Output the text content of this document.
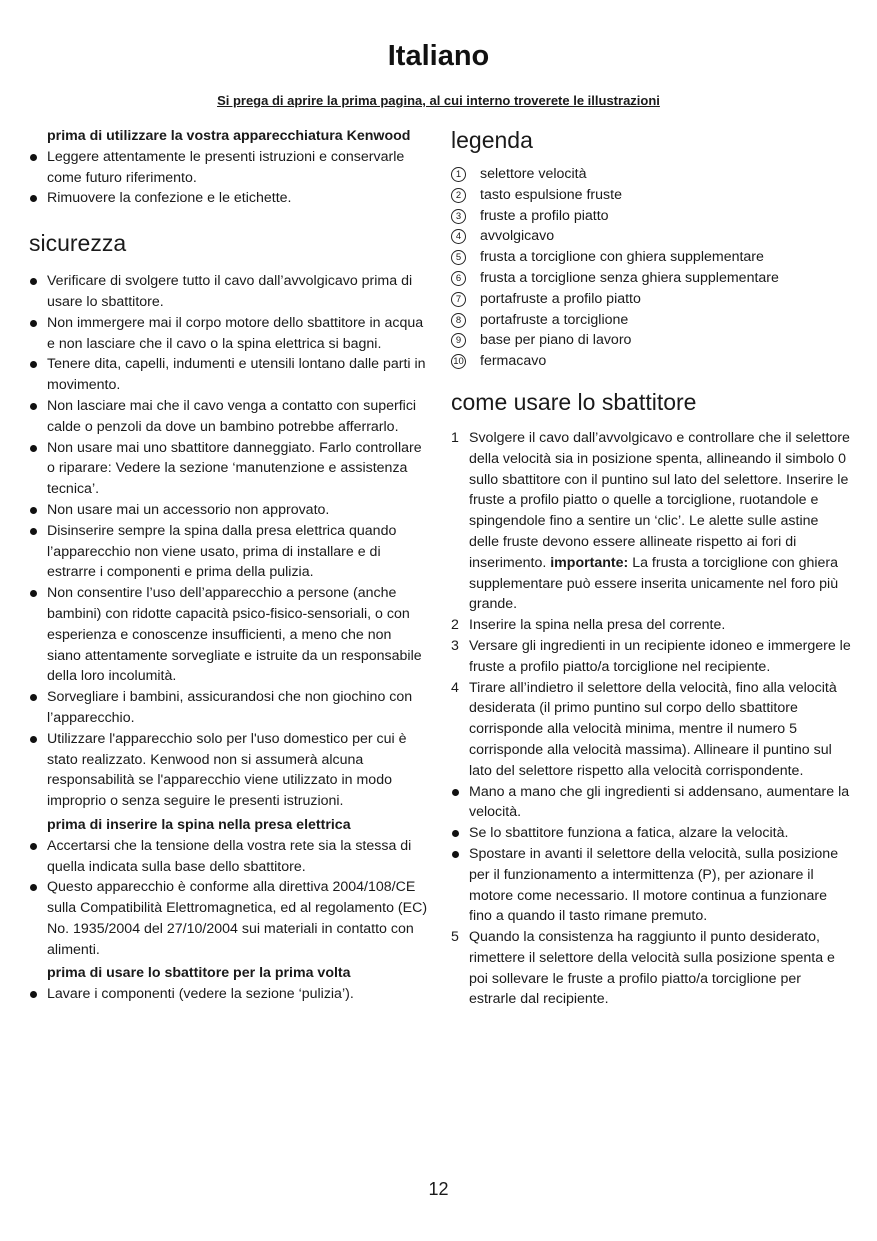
Italiano

Si prega di aprire la prima pagina, al cui interno troverete le illustrazioni

prima di utilizzare la vostra apparecchiatura Kenwood

Leggere attentamente le presenti istruzioni e conservarle come futuro riferimento.
Rimuovere la confezione e le etichette.
sicurezza
Verificare di svolgere tutto il cavo dall’avvolgicavo prima di usare lo sbattitore.
Non immergere mai il corpo motore dello sbattitore in acqua e non lasciare che il cavo o la spina elettrica si bagni.
Tenere dita, capelli, indumenti e utensili lontano dalle parti in movimento.
Non lasciare mai che il cavo venga a contatto con superfici calde o penzoli da dove un bambino potrebbe afferrarlo.
Non usare mai uno sbattitore danneggiato. Farlo controllare o riparare: Vedere la sezione ‘manutenzione e assistenza tecnica’.
Non usare mai un accessorio non approvato.
Disinserire sempre la spina dalla presa elettrica quando l’apparecchio non viene usato, prima di installare e di estrarre i componenti e prima della pulizia.
Non consentire l’uso dell’apparecchio a persone (anche bambini) con ridotte capacità psico-fisico-sensoriali, o con esperienza e conoscenze insufficienti, a meno che non siano attentamente sorvegliate e istruite da un responsabile della loro incolumità.
Sorvegliare i bambini, assicurandosi che non giochino con l’apparecchio.
Utilizzare l'apparecchio solo per l'uso domestico per cui è stato realizzato. Kenwood non si assumerà alcuna responsabilità se l'apparecchio viene utilizzato in modo improprio o senza seguire le presenti istruzioni.

prima di inserire la spina nella presa elettrica

Accertarsi che la tensione della vostra rete sia la stessa di quella indicata sulla base dello sbattitore.
Questo apparecchio è conforme alla direttiva 2004/108/CE sulla Compatibilità Elettromagnetica, ed al regolamento (EC) No. 1935/2004 del 27/10/2004 sui materiali in contatto con alimenti.

prima di usare lo sbattitore per la prima volta

Lavare i componenti (vedere la sezione ‘pulizia’).
legenda
1	selettore velocità
2	tasto espulsione fruste
3	fruste a profilo piatto
4	avvolgicavo
5	frusta a torciglione con ghiera supplementare
6	frusta a torciglione senza ghiera supplementare
7	portafruste a profilo piatto
8	portafruste a torciglione
9	base per piano di lavoro
10 fermacavo
come usare lo sbattitore
1 Svolgere il cavo dall’avvolgicavo e controllare che il selettore della velocità sia in posizione spenta, allineando il simbolo 0 sullo sbattitore con il puntino sul lato del selettore. Inserire le fruste a profilo piatto o quelle a torciglione, ruotandole e spingendole fino a sentire un ‘clic’. Le alette sulle astine delle fruste devono essere allineate rispetto ai fori di inserimento. importante: La frusta a torciglione con ghiera supplementare può essere inserita unicamente nel foro più grande.
2 Inserire la spina nella presa del corrente.
3 Versare gli ingredienti in un recipiente idoneo e immergere le fruste a profilo piatto/a torciglione nel recipiente.
4 Tirare all’indietro il selettore della velocità, fino alla velocità desiderata (il primo puntino sul corpo dello sbattitore corrisponde alla velocità minima, mentre il numero 5 corrisponde alla velocità massima). Allineare il puntino sul lato del selettore rispetto alla velocità corrispondente.
Mano a mano che gli ingredienti si addensano, aumentare la velocità.
Se lo sbattitore funziona a fatica, alzare la velocità.
Spostare in avanti il selettore della velocità, sulla posizione per il funzionamento a intermittenza (P), per azionare il motore come necessario. Il motore continua a funzionare fino a quando il tasto rimane premuto.
5 Quando la consistenza ha raggiunto il punto desiderato, rimettere il selettore della velocità sulla posizione spenta e poi sollevare le fruste a profilo piatto/a torciglione per estrarle dal recipiente.
12
